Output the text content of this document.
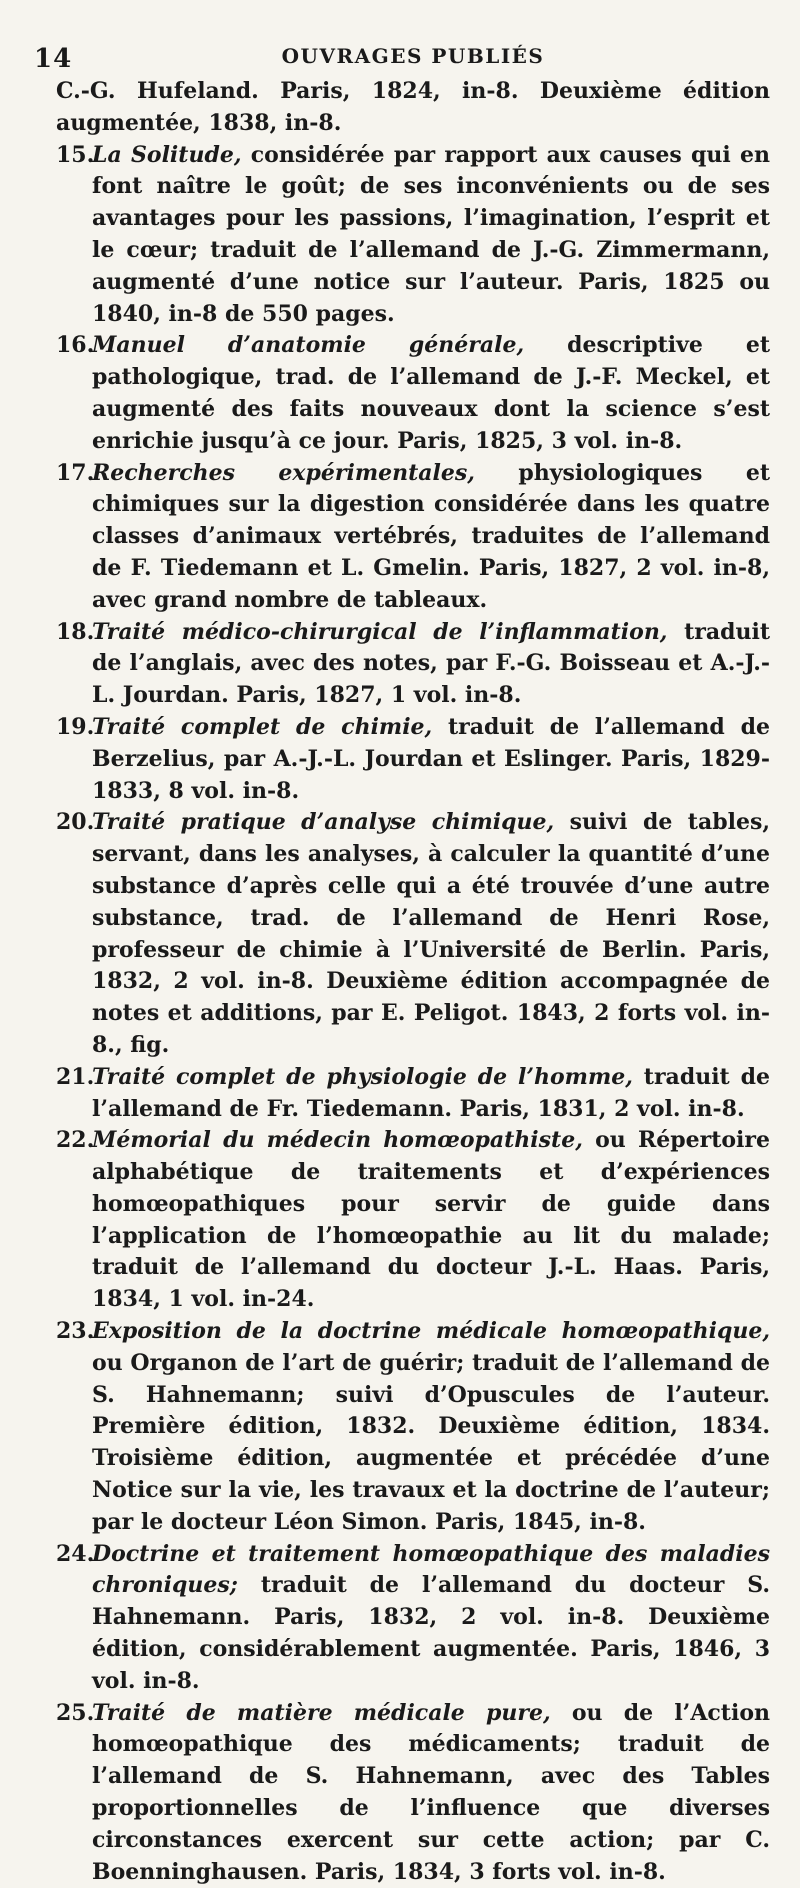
14	OUVRAGES PUBLIÉS
C.-G. Hufeland. Paris, 1824, in-8. Deuxième édition augmentée, 1838, in-8.
15.La Solitude, considérée par rapport aux causes qui en font naître le goût; de ses inconvénients ou de ses avantages pour les passions, l’imagination, l’esprit et le cœur; traduit de l’allemand de J.-G. Zimmermann, augmenté d’une notice sur l’auteur. Paris, 1825 ou 1840, in-8 de 550 pages.
16.Manuel d’anatomie générale, descriptive et pathologique, trad. de l’allemand de J.-F. Meckel, et augmenté des faits nouveaux dont la science s’est enrichie jusqu’à ce jour. Paris, 1825, 3 vol. in-8.
17.Recherches expérimentales, physiologiques et chimiques sur la digestion considérée dans les quatre classes d’animaux vertébrés, traduites de l’allemand de F. Tiedemann et L. Gmelin. Paris, 1827, 2 vol. in-8, avec grand nombre de tableaux.
18.Traité médico-chirurgical de l’inflammation, traduit de l’anglais, avec des notes, par F.-G. Boisseau et A.-J.-L. Jourdan. Paris, 1827, 1 vol. in-8.
19.Traité complet de chimie, traduit de l’allemand de Berzelius, par A.-J.-L. Jourdan et Eslinger. Paris, 1829-1833, 8 vol. in-8.
20.Traité pratique d’analyse chimique, suivi de tables, servant, dans les analyses, à calculer la quantité d’une substance d’après celle qui a été trouvée d’une autre substance, trad. de l’allemand de Henri Rose, professeur de chimie à l’Université de Berlin. Paris, 1832, 2 vol. in-8. Deuxième édition accompagnée de notes et additions, par E. Peligot. 1843, 2 forts vol. in-8., fig.
21.Traité complet de physiologie de l’homme, traduit de l’allemand de Fr. Tiedemann. Paris, 1831, 2 vol. in-8.
22.Mémorial du médecin homœopathiste, ou Répertoire alphabétique de traitements et d’expériences homœopathiques pour servir de guide dans l’application de l’homœopathie au lit du malade; traduit de l’allemand du docteur J.-L. Haas. Paris, 1834, 1 vol. in-24.
23.Exposition de la doctrine médicale homœopathique, ou Organon de l’art de guérir; traduit de l’allemand de S. Hahnemann; suivi d’Opuscules de l’auteur. Première édition, 1832. Deuxième édition, 1834. Troisième édition, augmentée et précédée d’une Notice sur la vie, les travaux et la doctrine de l’auteur; par le docteur Léon Simon. Paris, 1845, in-8.
24.Doctrine et traitement homœopathique des maladies chroniques; traduit de l’allemand du docteur S. Hahnemann. Paris, 1832, 2 vol. in-8. Deuxième édition, considérablement augmentée. Paris, 1846, 3 vol. in-8.
25.Traité de matière médicale pure, ou de l’Action homœopathique des médicaments; traduit de l’allemand de S. Hahnemann, avec des Tables proportionnelles de l’influence que diverses circonstances exercent sur cette action; par C. Boenninghausen. Paris, 1834, 3 forts vol. in-8.
